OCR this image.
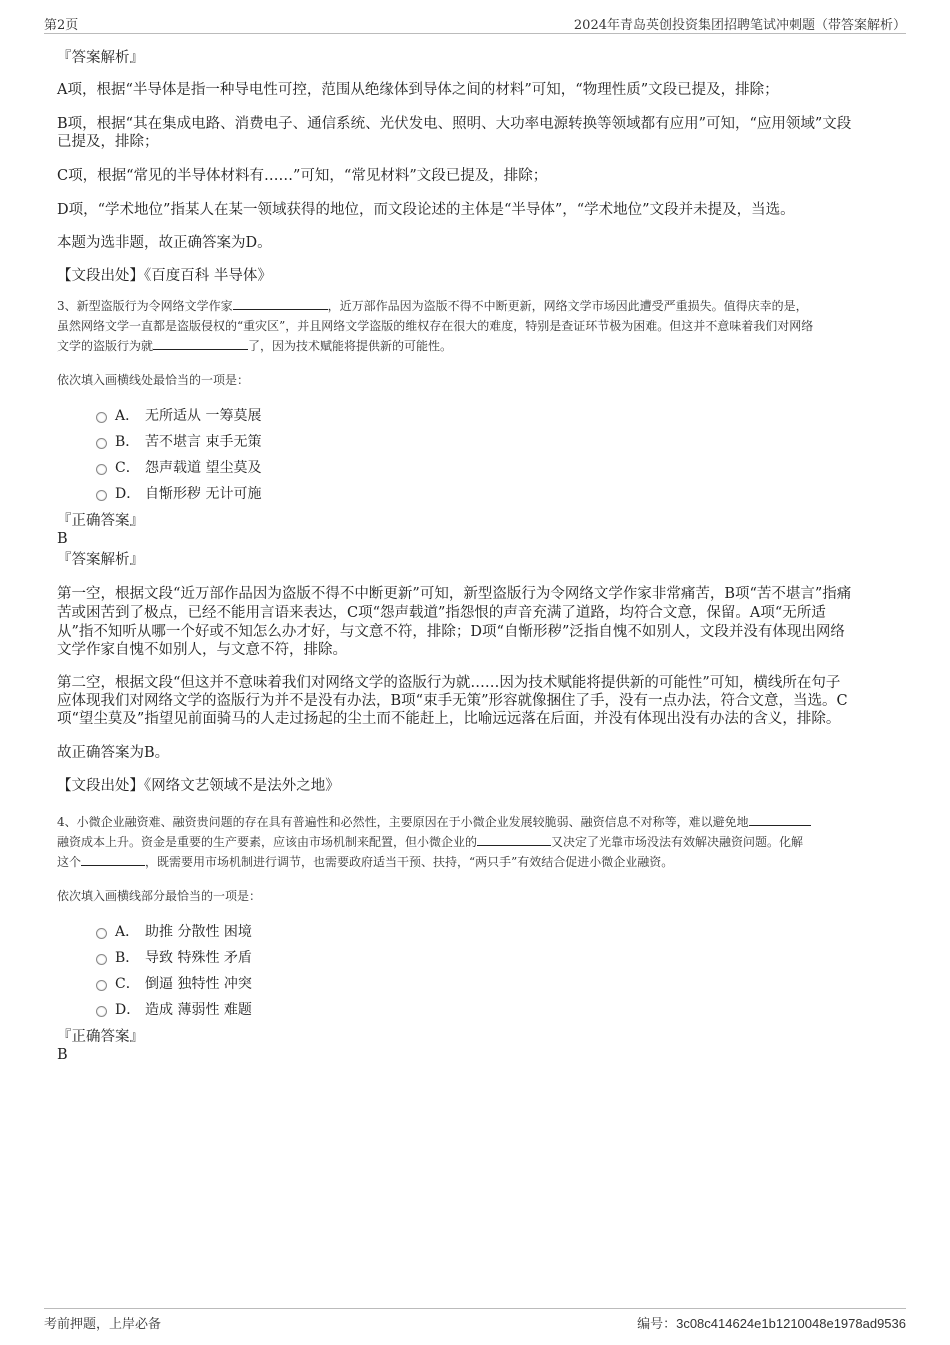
第2页	2024年青岛英创投资集团招聘笔试冲刺题（带答案解析）
『答案解析』
A项，根据“半导体是指一种导电性可控，范围从绝缘体到导体之间的材料”可知，“物理性质”文段已提及，排除；
B项，根据“其在集成电路、消费电子、通信系统、光伏发电、照明、大功率电源转换等领域都有应用”可知，“应用领域”文段
已提及，排除；
C项，根据“常见的半导体材料有……”可知，“常见材料”文段已提及，排除；
D项，“学术地位”指某人在某一领域获得的地位，而文段论述的主体是“半导体”，“学术地位”文段并未提及，当选。
本题为选非题，故正确答案为D。
【文段出处】《百度百科 半导体》
3、新型盗版行为令网络文学作家	，近万部作品因为盗版不得不中断更新，网络文学市场因此遭受严重损失。值得庆幸的是，
虽然网络文学一直都是盗版侵权的“重灾区”，并且网络文学盗版的维权存在很大的难度，特别是查证环节极为困难。但这并不意味着我们对网络
文学的盗版行为就	了，因为技术赋能将提供新的可能性。
依次填入画横线处最恰当的一项是：
A． 无所适从 一筹莫展
B． 苦不堪言 束手无策
C． 怨声载道 望尘莫及
D． 自惭形秽 无计可施
『正确答案』
B
『答案解析』
第一空，根据文段“近万部作品因为盗版不得不中断更新”可知，新型盗版行为令网络文学作家非常痛苦，B项“苦不堪言”指痛
苦或困苦到了极点，已经不能用言语来表达，C项“怨声载道”指怨恨的声音充满了道路，均符合文意，保留。A项“无所适
从”指不知听从哪一个好或不知怎么办才好，与文意不符，排除；D项“自惭形秽”泛指自愧不如别人，文段并没有体现出网络
文学作家自愧不如别人，与文意不符，排除。
第二空，根据文段“但这并不意味着我们对网络文学的盗版行为就……因为技术赋能将提供新的可能性”可知，横线所在句子
应体现我们对网络文学的盗版行为并不是没有办法，B项“束手无策”形容就像捆住了手，没有一点办法，符合文意，当选。C
项“望尘莫及”指望见前面骑马的人走过扬起的尘土而不能赶上，比喻远远落在后面，并没有体现出没有办法的含义，排除。
故正确答案为B。
【文段出处】《网络文艺领域不是法外之地》
4、小微企业融资难、融资贵问题的存在具有普遍性和必然性，主要原因在于小微企业发展较脆弱、融资信息不对称等，难以避免地
融资成本上升。资金是重要的生产要素，应该由市场机制来配置，但小微企业的	又决定了光靠市场没法有效解决融资问题。化解
这个	，既需要用市场机制进行调节，也需要政府适当干预、扶持，“两只手”有效结合促进小微企业融资。
依次填入画横线部分最恰当的一项是：
A． 助推 分散性 困境
B． 导致 特殊性 矛盾
C． 倒逼 独特性 冲突
D． 造成 薄弱性 难题
『正确答案』
B
考前押题，上岸必备	编号：3c08c414624e1b1210048e1978ad9536
